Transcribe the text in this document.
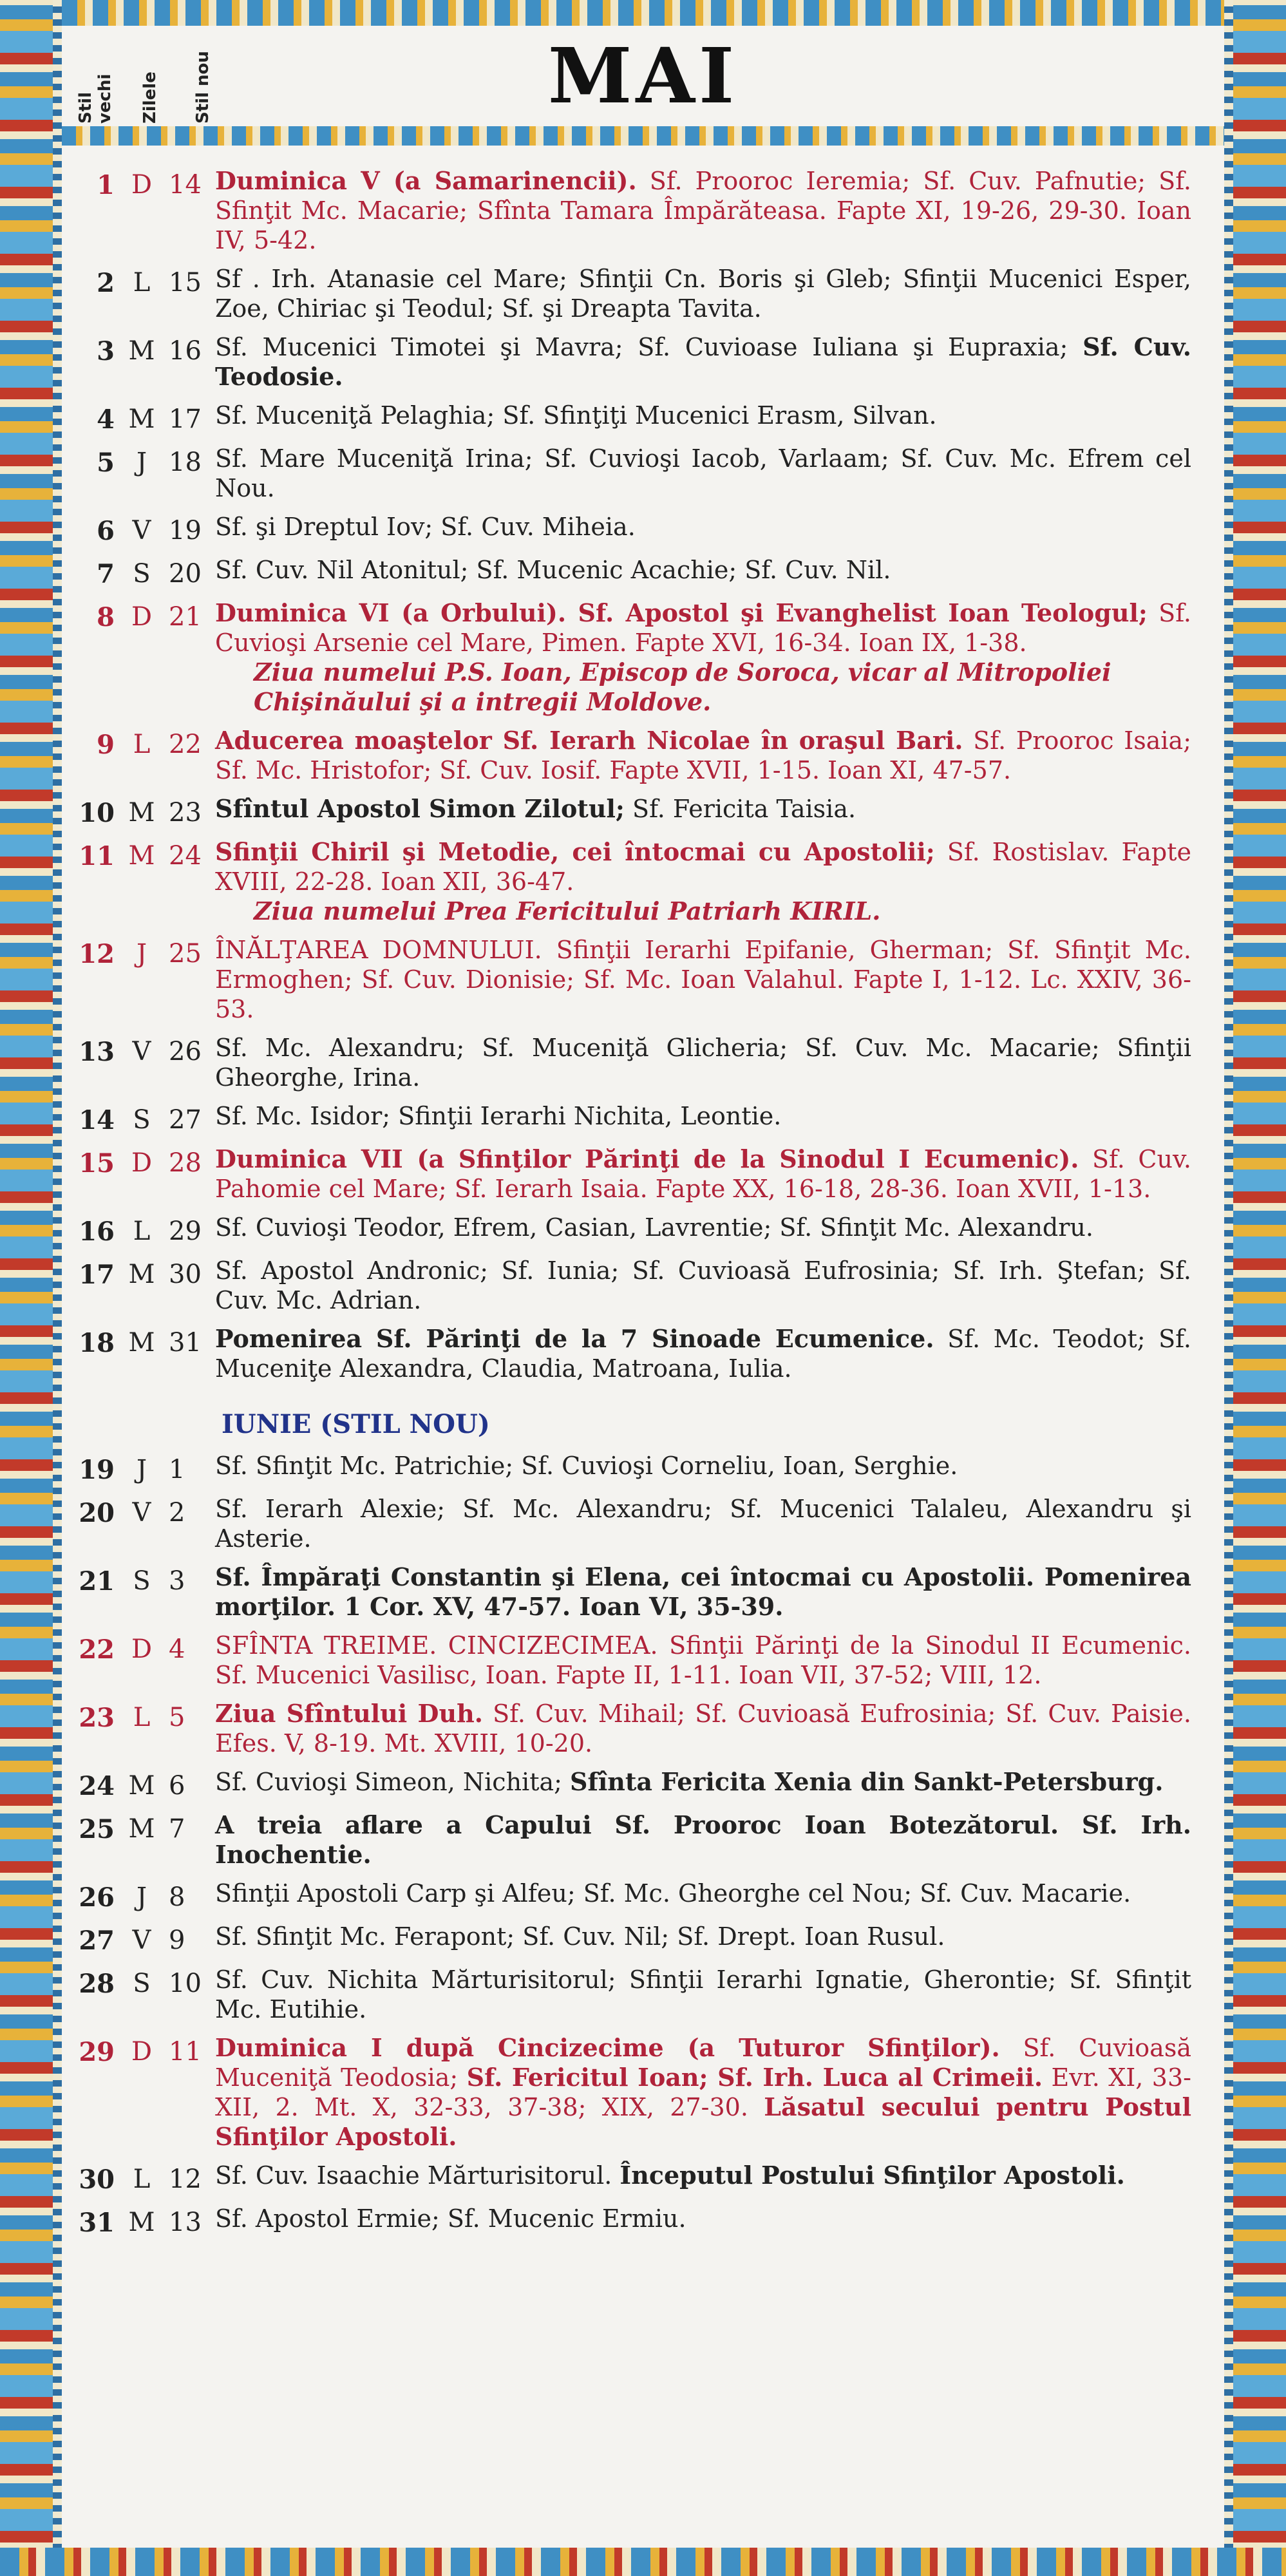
Stil vechi Zilele Stil nou	MAI
1 D 14 Duminica V (a Samarinencii). Sf. Prooroc Ieremia; Sf. Cuv. Pafnutie; Sf. Sfinţit Mc. Macarie; Sfînta Tamara Împărăteasa. Fapte XI, 19-26, 29-30. Ioan IV, 5-42.
2 L 15 Sf . Irh. Atanasie cel Mare; Sfinţii Cn. Boris şi Gleb; Sfinţii Mucenici Esper, Zoe, Chiriac şi Teodul; Sf. şi Dreapta Tavita.
3 M 16 Sf. Mucenici Timotei şi Mavra; Sf. Cuvioase Iuliana şi Eupraxia; Sf. Cuv. Teodosie.
4 M 17 Sf. Muceniţă Pelaghia; Sf. Sfinţiţi Mucenici Erasm, Silvan.
5 J 18 Sf. Mare Muceniţă Irina; Sf. Cuvioşi Iacob, Varlaam; Sf. Cuv. Mc. Efrem cel Nou.
6 V 19 Sf. şi Dreptul Iov; Sf. Cuv. Miheia.
7 S 20 Sf. Cuv. Nil Atonitul; Sf. Mucenic Acachie; Sf. Cuv. Nil.
8 D 21 Duminica VI (a Orbului). Sf. Apostol şi Evanghelist Ioan Teologul; Sf. Cuvioşi Arsenie cel Mare, Pimen. Fapte XVI, 16-34. Ioan IX, 1-38.
Ziua numelui P.S. Ioan, Episcop de Soroca, vicar al Mitropoliei Chişinăului şi a intregii Moldove.
9 L 22 Aducerea moaştelor Sf. Ierarh Nicolae în oraşul Bari. Sf. Prooroc Isaia; Sf. Mc. Hristofor; Sf. Cuv. Iosif. Fapte XVII, 1-15. Ioan XI, 47-57.
10 M 23 Sfîntul Apostol Simon Zilotul; Sf. Fericita Taisia.
11 M 24 Sfinţii Chiril şi Metodie, cei întocmai cu Apostolii; Sf. Rostislav. Fapte XVIII, 22-28. Ioan XII, 36-47.
Ziua numelui Prea Fericitului Patriarh KIRIL.
12 J 25 ÎNĂLŢAREA DOMNULUI. Sfinţii Ierarhi Epifanie, Gherman; Sf. Sfinţit Mc. Ermoghen; Sf. Cuv. Dionisie; Sf. Mc. Ioan Valahul. Fapte I, 1-12. Lc. XXIV, 36-53.
13 V 26 Sf. Mc. Alexandru; Sf. Muceniţă Glicheria; Sf. Cuv. Mc. Macarie; Sfinţii Gheorghe, Irina.
14 S 27 Sf. Mc. Isidor; Sfinţii Ierarhi Nichita, Leontie.
15 D 28 Duminica VII (a Sfinţilor Părinţi de la Sinodul I Ecumenic). Sf. Cuv. Pahomie cel Mare; Sf. Ierarh Isaia. Fapte XX, 16-18, 28-36. Ioan XVII, 1-13.
16 L 29 Sf. Cuvioşi Teodor, Efrem, Casian, Lavrentie; Sf. Sfinţit Mc. Alexandru.
17 M 30 Sf. Apostol Andronic; Sf. Iunia; Sf. Cuvioasă Eufrosinia; Sf. Irh. Ştefan; Sf. Cuv. Mc. Adrian.
18 M 31 Pomenirea Sf. Părinţi de la 7 Sinoade Ecumenice. Sf. Mc. Teodot; Sf. Muceniţe Alexandra, Claudia, Matroana, Iulia.
IUNIE (STIL NOU)
19 J 1	Sf. Sfinţit Mc. Patrichie; Sf. Cuvioşi Corneliu, Ioan, Serghie.
20 V 2	Sf. Ierarh Alexie; Sf. Mc. Alexandru; Sf. Mucenici Talaleu, Alexandru şi Asterie.
21 S 3	Sf. Împăraţi Constantin şi Elena, cei întocmai cu Apostolii. Pomenirea morţilor. 1 Cor. XV, 47-57. Ioan VI, 35-39.
22 D 4	SFÎNTA TREIME. CINCIZECIMEA. Sfinţii Părinţi de la Sinodul II Ecumenic. Sf. Mucenici Vasilisc, Ioan. Fapte II, 1-11. Ioan VII, 37-52; VIII, 12.
23 L 5	Ziua Sfîntului Duh. Sf. Cuv. Mihail; Sf. Cuvioasă Eufrosinia; Sf. Cuv. Paisie. Efes. V, 8-19. Mt. XVIII, 10-20.
24 M 6	Sf. Cuvioşi Simeon, Nichita; Sfînta Fericita Xenia din Sankt-Petersburg.
25 M 7	A treia aflare a Capului Sf. Prooroc Ioan Botezătorul. Sf. Irh. Inochentie.
26 J 8	Sfinţii Apostoli Carp şi Alfeu; Sf. Mc. Gheorghe cel Nou; Sf. Cuv. Macarie.
27 V 9	Sf. Sfinţit Mc. Ferapont; Sf. Cuv. Nil; Sf. Drept. Ioan Rusul.
28 S 10 Sf. Cuv. Nichita Mărturisitorul; Sfinţii Ierarhi Ignatie, Gherontie; Sf. Sfinţit Mc. Eutihie.
29 D 11 Duminica I după Cincizecime (a Tuturor Sfinţilor). Sf. Cuvioasă Muceniţă Teodosia; Sf. Fericitul Ioan; Sf. Irh. Luca al Crimeii. Evr. XI, 33-XII, 2. Mt. X, 32-33, 37-38; XIX, 27-30. Lăsatul secului pentru Postul Sfinţilor Apostoli.
30 L 12 Sf. Cuv. Isaachie Mărturisitorul. Începutul Postului Sfinţilor Apostoli.
31 M 13 Sf. Apostol Ermie; Sf. Mucenic Ermiu.
